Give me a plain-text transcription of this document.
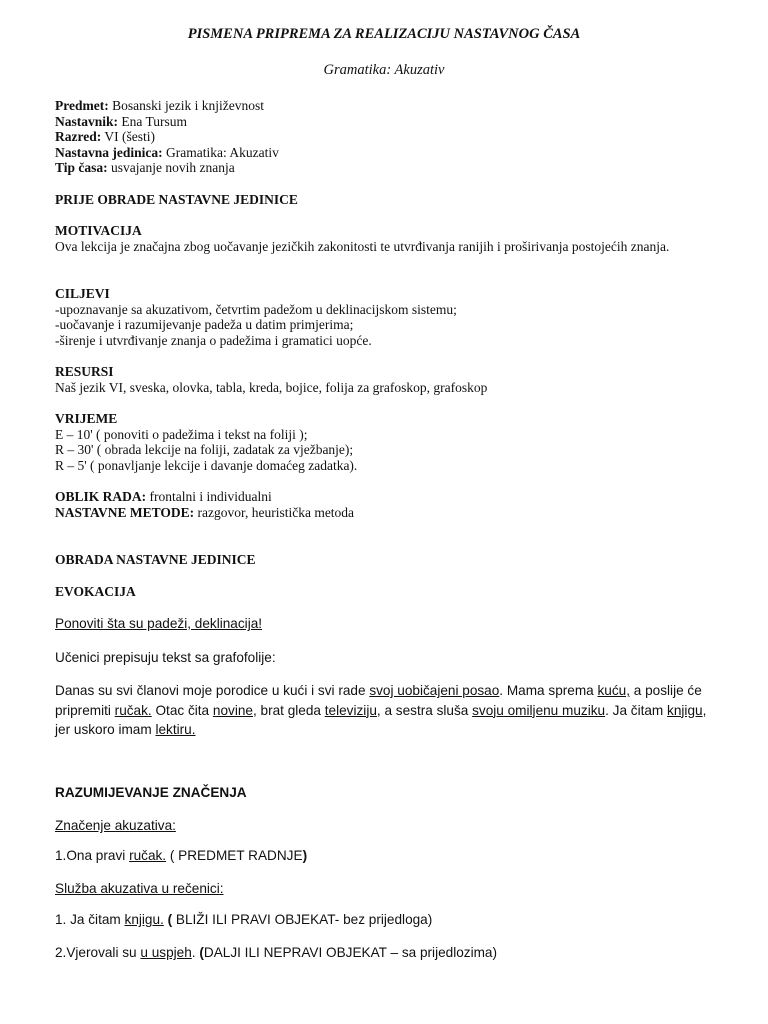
PISMENA PRIPREMA ZA REALIZACIJU NASTAVNOG ČASA
Gramatika: Akuzativ
Predmet: Bosanski jezik i književnost
Nastavnik: Ena Tursum
Razred: VI (šesti)
Nastavna jedinica: Gramatika: Akuzativ
Tip časa: usvajanje novih znanja
PRIJE OBRADE NASTAVNE JEDINICE
MOTIVACIJA
Ova lekcija je značajna zbog uočavanje jezičkih zakonitosti te utvrđivanja ranijih i proširivanja postojećih znanja.
CILJEVI
-upoznavanje sa akuzativom, četvrtim padežom u deklinacijskom sistemu;
-uočavanje i razumijevanje padeža u datim primjerima;
-širenje i utvrđivanje znanja o padežima i gramatici uopće.
RESURSI
Naš jezik VI, sveska, olovka, tabla, kreda, bojice, folija za grafoskop, grafoskop
VRIJEME
E – 10' ( ponoviti o padežima i tekst na foliji );
R – 30' ( obrada lekcije na foliji, zadatak za vježbanje);
R – 5' ( ponavljanje lekcije i davanje domaćeg zadatka).
OBLIK RADA: frontalni i individualni
NASTAVNE METODE: razgovor, heuristička metoda
OBRADA NASTAVNE JEDINICE
EVOKACIJA
Ponoviti šta su padeži, deklinacija!
Učenici prepisuju tekst sa grafofolije:
Danas su svi članovi moje porodice u kući i svi rade svoj uobičajeni posao. Mama sprema kuću, a poslije će pripremiti ručak. Otac čita novine, brat gleda televiziju, a sestra sluša svoju omiljenu muziku. Ja čitam knjigu, jer uskoro imam lektiru.
RAZUMIJEVANJE ZNAČENJA
Značenje akuzativa:
1.Ona pravi ručak. ( PREDMET RADNJE)
Služba akuzativa u rečenici:
1. Ja čitam knjigu. ( BLIŽI ILI PRAVI OBJEKAT- bez prijedloga)
2.Vjerovali su u uspjeh. (DALJI ILI NEPRAVI OBJEKAT – sa prijedlozima)
